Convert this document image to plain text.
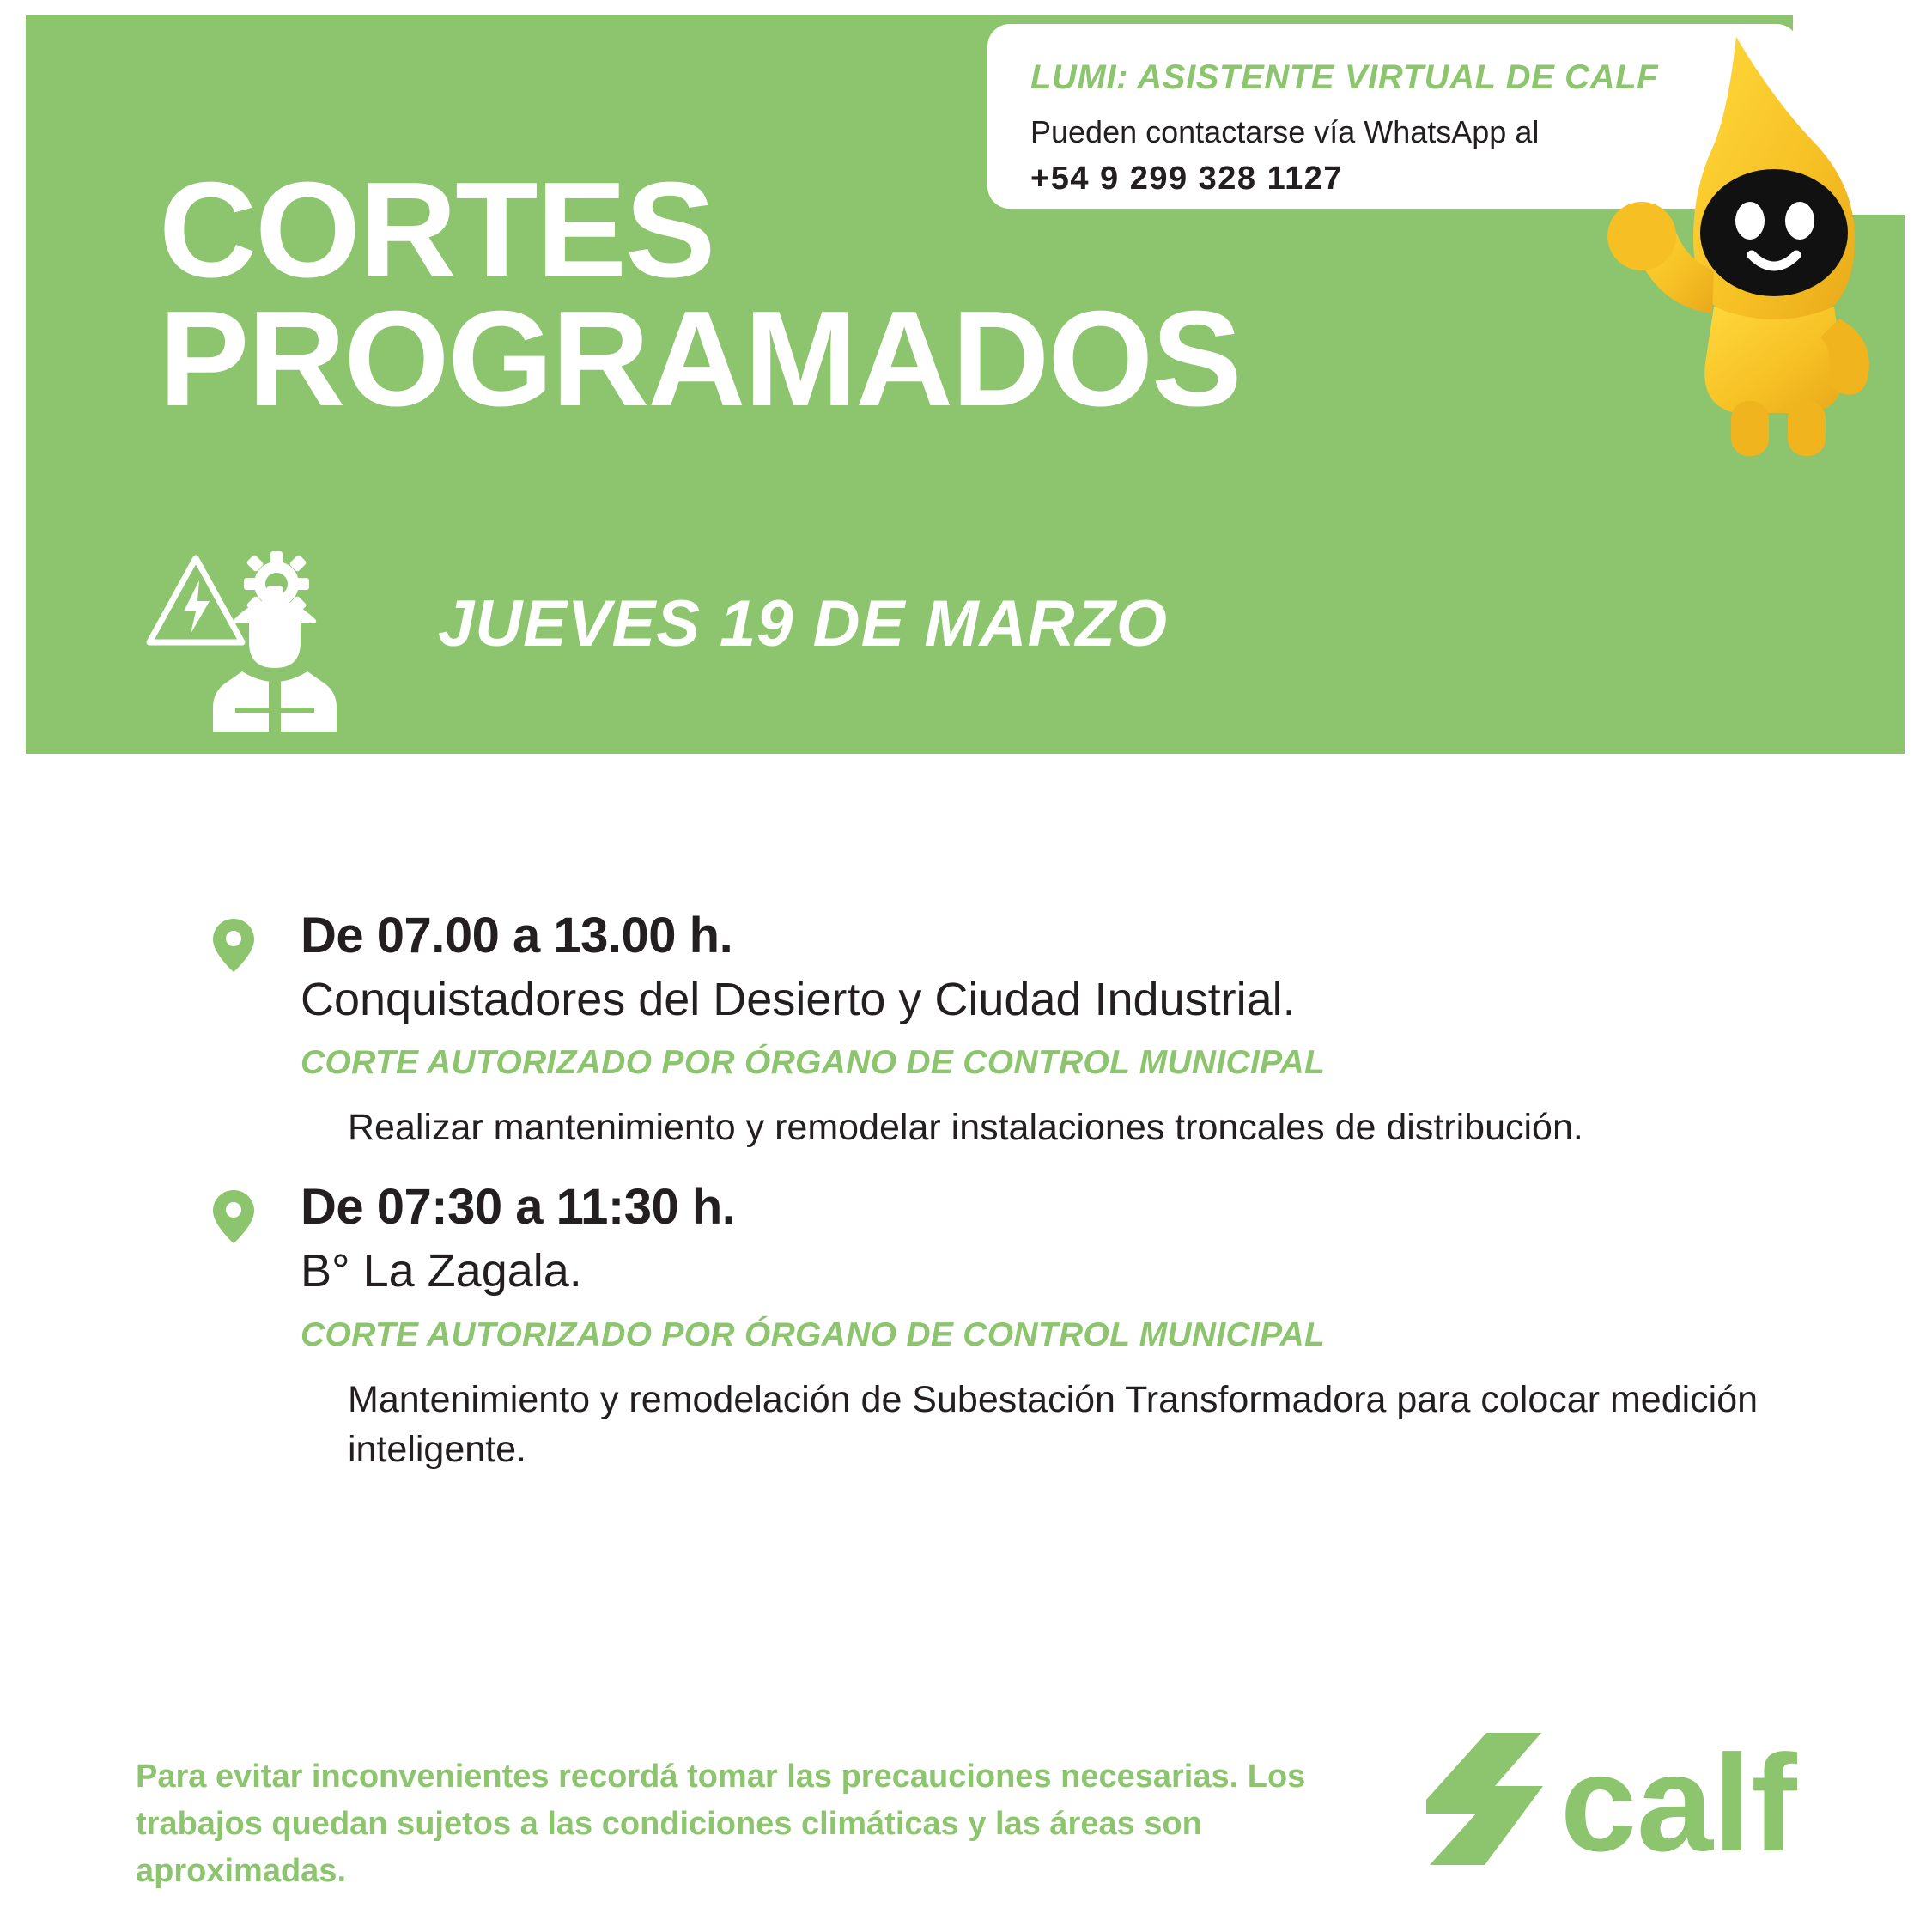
CORTES
PROGRAMADOS
JUEVES 19 DE MARZO
LUMI: ASISTENTE VIRTUAL DE CALF
Pueden contactarse vía WhatsApp al
+54 9 299 328 1127
De 07.00 a 13.00 h.
Conquistadores del Desierto y Ciudad Industrial.
CORTE AUTORIZADO POR ÓRGANO DE CONTROL MUNICIPAL
Realizar mantenimiento y remodelar instalaciones troncales de distribución.
De 07:30 a 11:30 h.
B° La Zagala.
CORTE AUTORIZADO POR ÓRGANO DE CONTROL MUNICIPAL
Mantenimiento y remodelación de Subestación Transformadora para colocar medición inteligente.
Para evitar inconvenientes recordá tomar las precauciones necesarias. Los trabajos quedan sujetos a las condiciones climáticas y las áreas son aproximadas.	calf
